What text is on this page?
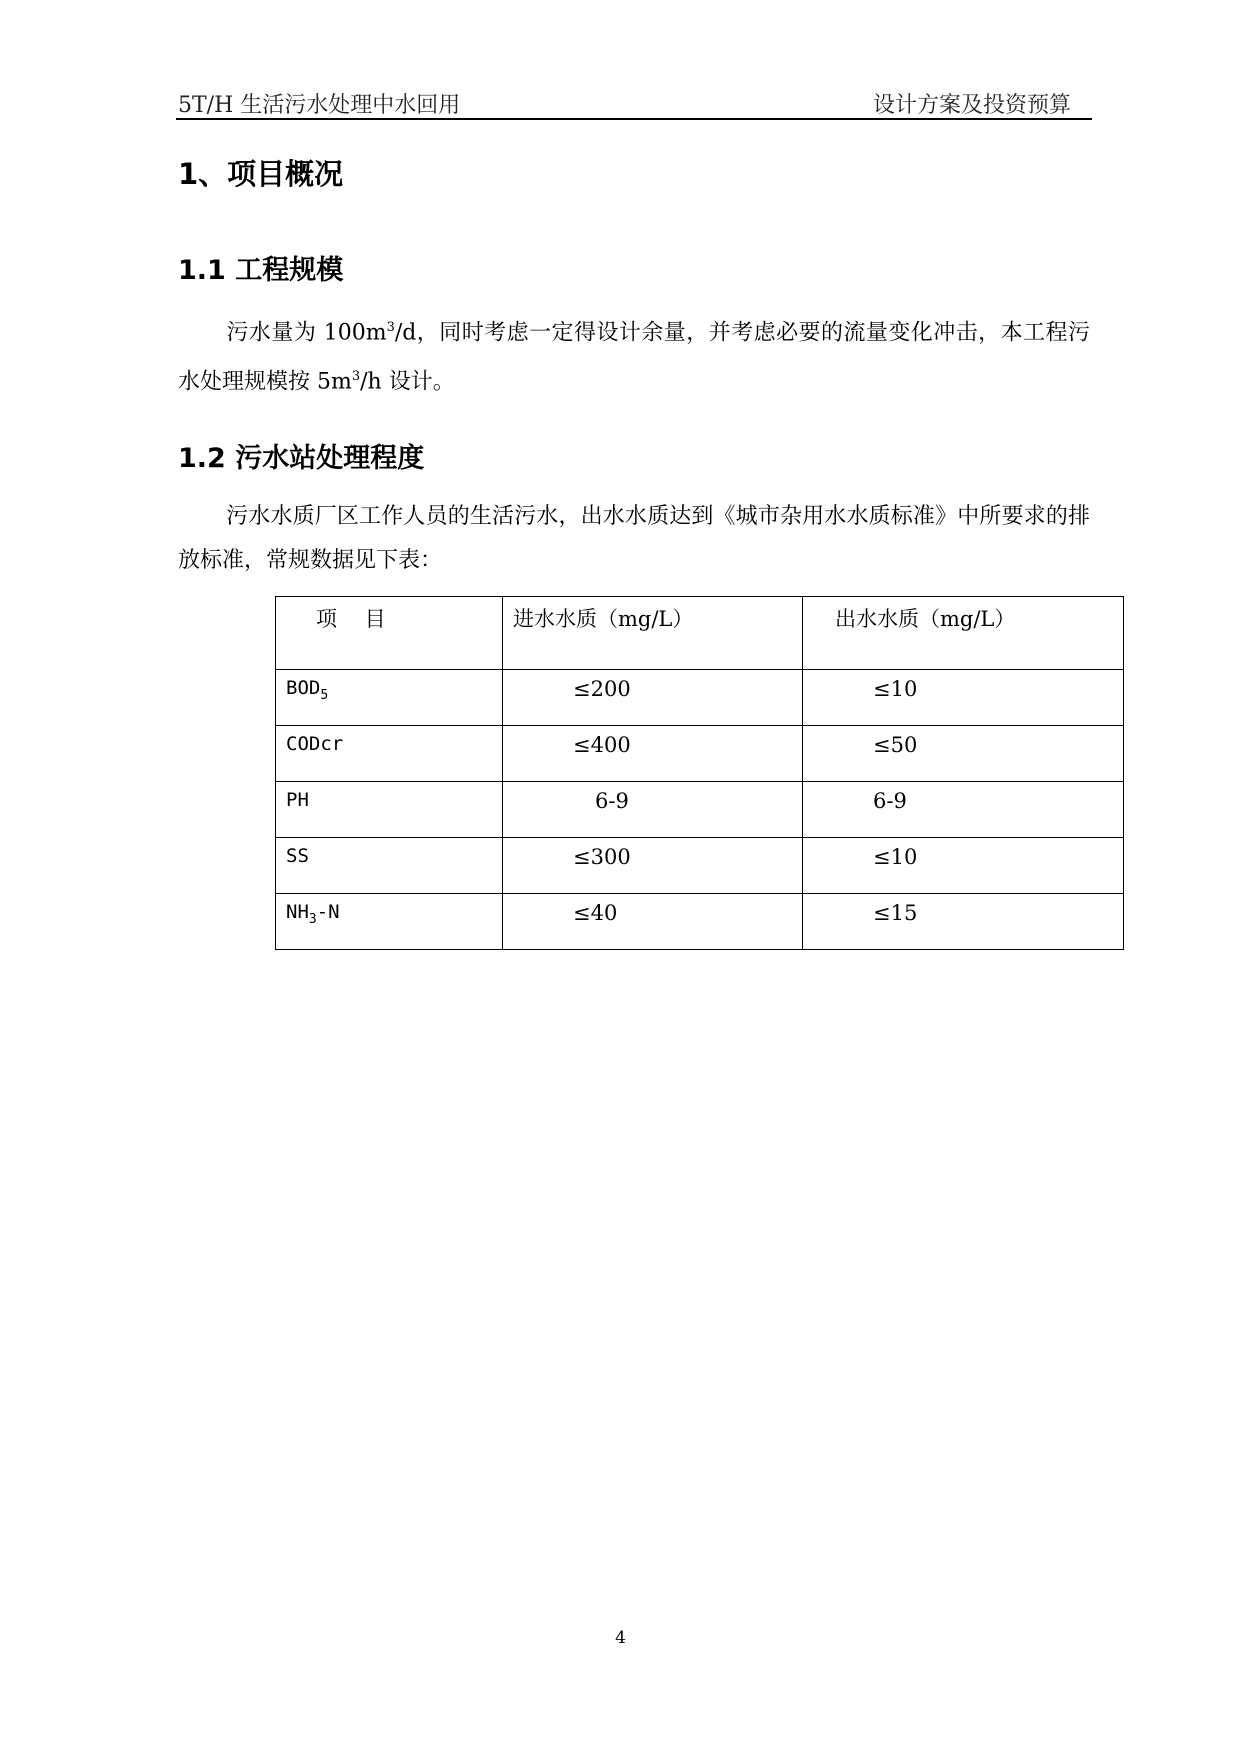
5T/H 生活污水处理中水回用	设计方案及投资预算
1、项目概况
1.1 工程规模
污水量为 $100m^3/d$，同时考虑一定得设计余量，并考虑必要的流量变化冲击，本工程污水处理规模按 $5m^3/h$ 设计。
1.2 污水站处理程度
污水水质厂区工作人员的生活污水，出水水质达到《城市杂用水水质标准》中所要求的排放标准，常规数据见下表：
项　 目	进水水质（mg/L）	出水水质（mg/L）
$BOD_5$	≤200	≤10
CODcr	≤400	≤50
PH	6-9	6-9
SS	≤300	≤10
$NH_3-N$	≤40	≤15
4
